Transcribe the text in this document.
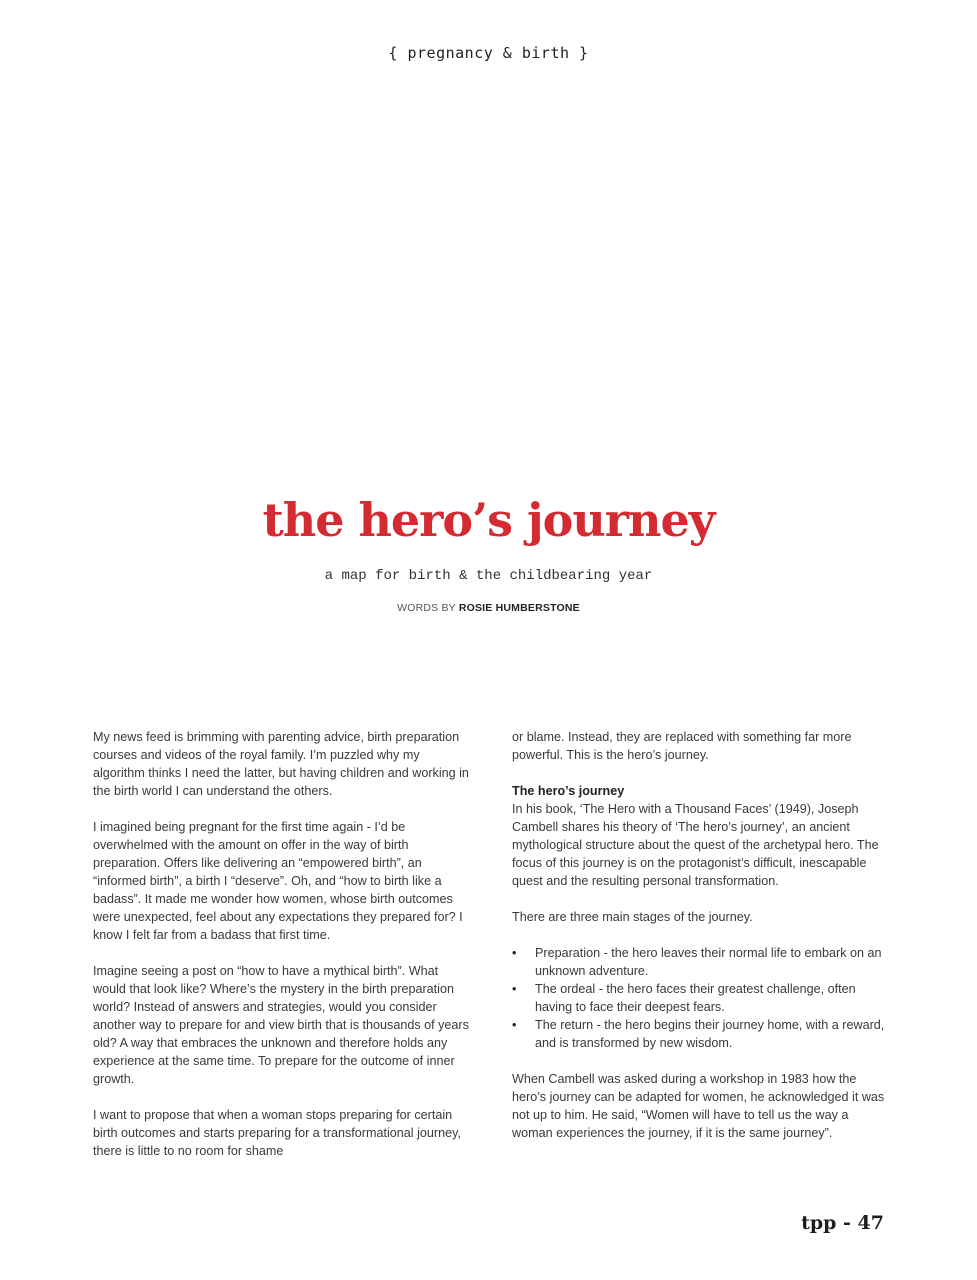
{ pregnancy & birth }
the hero’s journey
a map for birth & the childbearing year
WORDS BY ROSIE HUMBERSTONE

My news feed is brimming with parenting advice, birth preparation courses and videos of the royal family. I’m puzzled why my algorithm thinks I need the latter, but having children and working in the birth world I can understand the others.

I imagined being pregnant for the first time again - I’d be overwhelmed with the amount on offer in the way of birth preparation. Offers like delivering an “empowered birth”, an “informed birth”, a birth I “deserve”. Oh, and “how to birth like a badass”. It made me wonder how women, whose birth outcomes were unexpected, feel about any expectations they prepared for? I know I felt far from a badass that first time.

Imagine seeing a post on “how to have a mythical birth”. What would that look like? Where’s the mystery in the birth preparation world? Instead of answers and strategies, would you consider another way to prepare for and view birth that is thousands of years old? A way that embraces the unknown and therefore holds any experience at the same time. To prepare for the outcome of inner growth.

I want to propose that when a woman stops preparing for certain birth outcomes and starts preparing for a transformational journey, there is little to no room for shame

or blame. Instead, they are replaced with something far more powerful. This is the hero’s journey.

The hero’s journey

In his book, ‘The Hero with a Thousand Faces’ (1949), Joseph Cambell shares his theory of ‘The hero’s journey’, an ancient mythological structure about the quest of the archetypal hero. The focus of this journey is on the protagonist’s difficult, inescapable quest and the resulting personal transformation.

There are three main stages of the journey.

• Preparation - the hero leaves their normal life to embark on an unknown adventure.
• The ordeal - the hero faces their greatest challenge, often having to face their deepest fears.
• The return - the hero begins their journey home, with a reward, and is transformed by new wisdom.

When Cambell was asked during a workshop in 1983 how the hero’s journey can be adapted for women, he acknowledged it was not up to him. He said, “Women will have to tell us the way a woman experiences the journey, if it is the same journey”.

tpp - 47
